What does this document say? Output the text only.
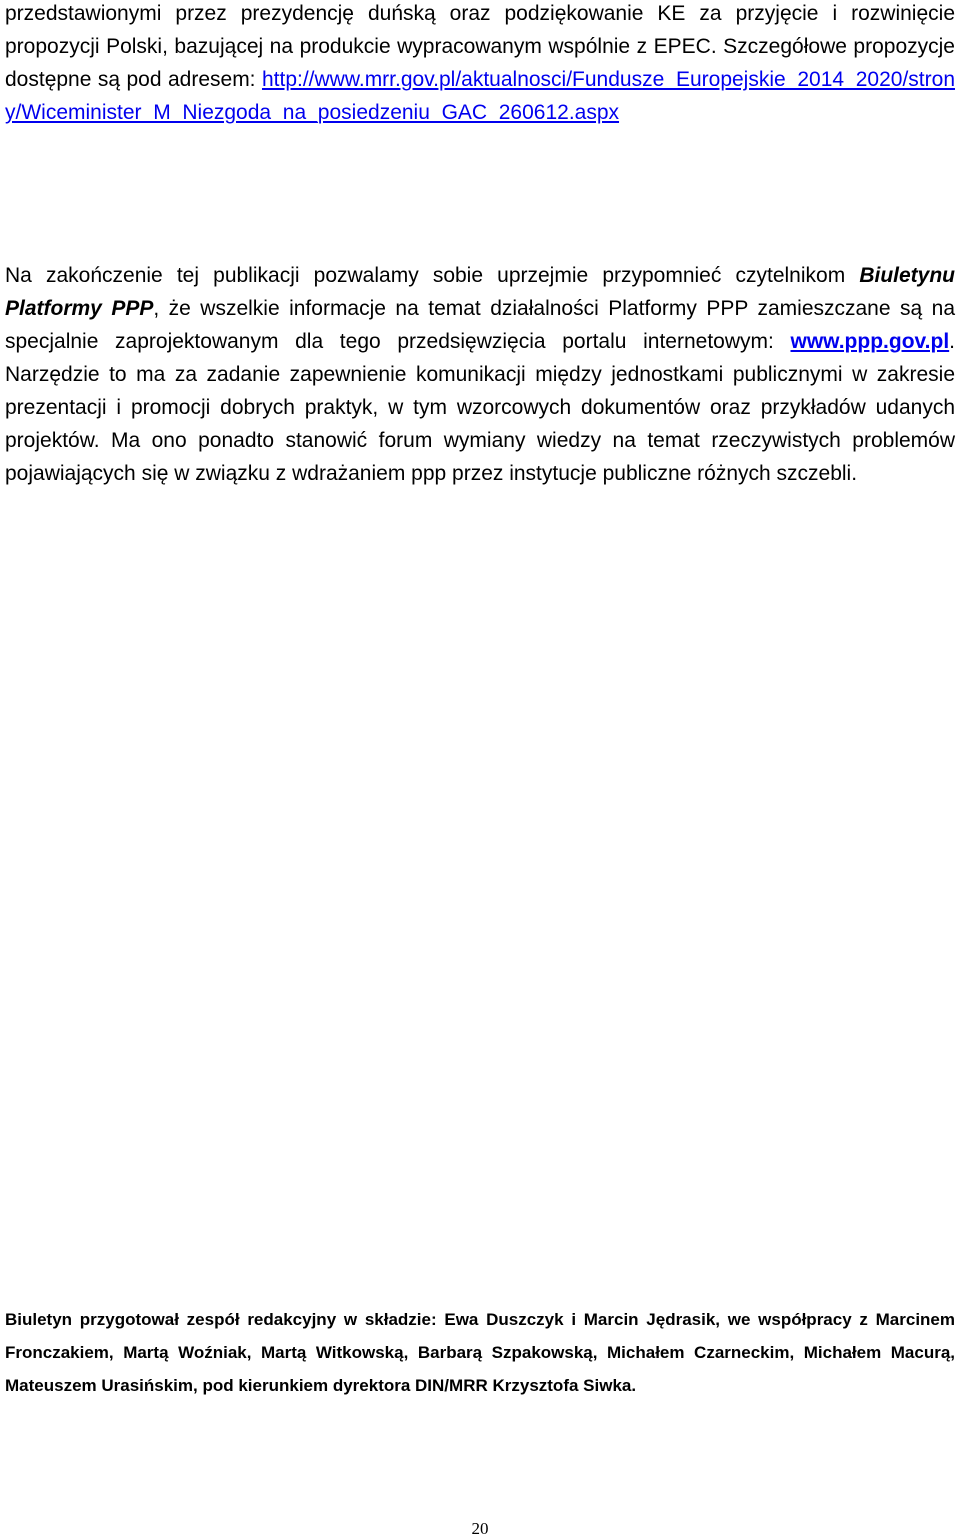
przedstawionymi przez prezydencję duńską oraz podziękowanie KE za przyjęcie i rozwinięcie propozycji Polski, bazującej na produkcie wypracowanym wspólnie z EPEC. Szczegółowe propozycje dostępne są pod adresem: http://www.mrr.gov.pl/aktualnosci/Fundusze_Europejskie_2014_2020/strony/Wiceminister_M_Niezgoda_na_posiedzeniu_GAC_260612.aspx

Na zakończenie tej publikacji pozwalamy sobie uprzejmie przypomnieć czytelnikom Biuletynu Platformy PPP, że wszelkie informacje na temat działalności Platformy PPP zamieszczane są na specjalnie zaprojektowanym dla tego przedsięwzięcia portalu internetowym: www.ppp.gov.pl. Narzędzie to ma za zadanie zapewnienie komunikacji między jednostkami publicznymi w zakresie prezentacji i promocji dobrych praktyk, w tym wzorcowych dokumentów oraz przykładów udanych projektów. Ma ono ponadto stanowić forum wymiany wiedzy na temat rzeczywistych problemów pojawiających się w związku z wdrażaniem ppp przez instytucje publiczne różnych szczebli.

Biuletyn przygotował zespół redakcyjny w składzie: Ewa Duszczyk i Marcin Jędrasik, we współpracy z Marcinem Fronczakiem, Martą Woźniak, Martą Witkowską, Barbarą Szpakowską, Michałem Czarneckim, Michałem Macurą, Mateuszem Urasińskim, pod kierunkiem dyrektora DIN/MRR Krzysztofa Siwka.

20
